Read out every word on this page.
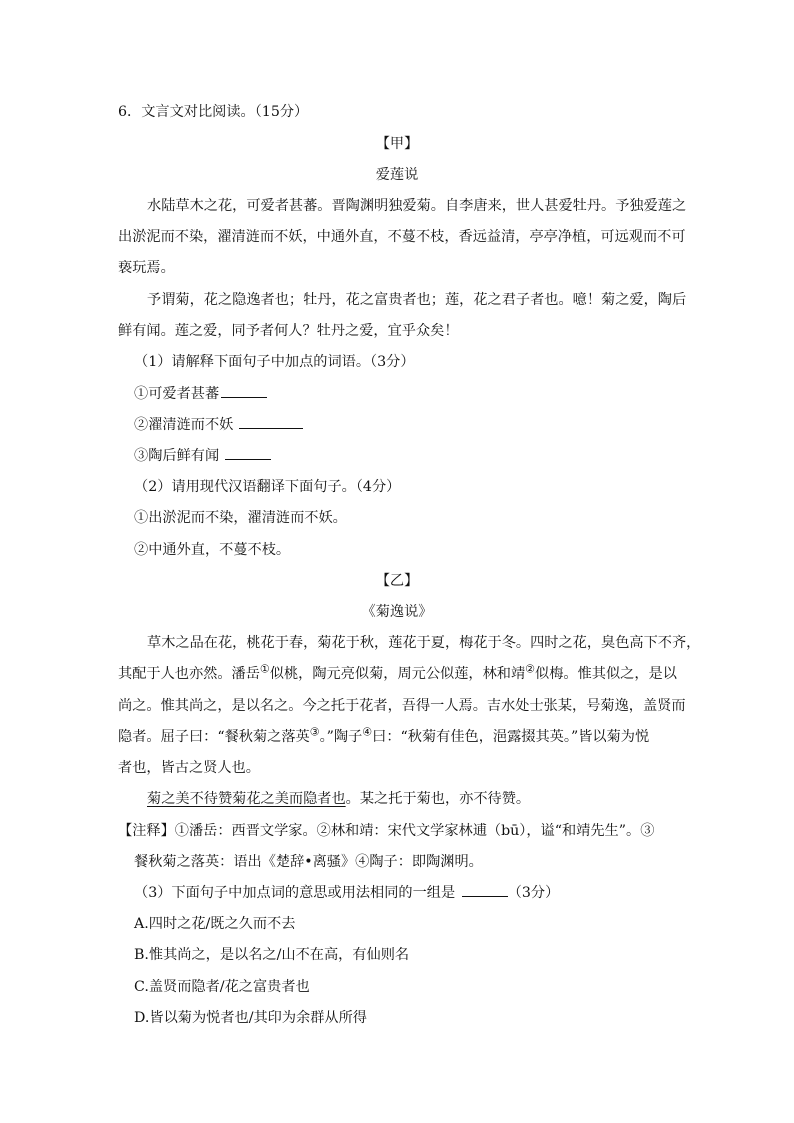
6．文言文对比阅读。（15分）
【甲】
爱莲说
水陆草木之花，可爱者甚蕃。晋陶渊明独爱菊。自李唐来，世人甚爱牡丹。予独爱莲之
出淤泥而不染，濯清涟而不妖，中通外直，不蔓不枝，香远益清，亭亭净植，可远观而不可
亵玩焉。
予谓菊，花之隐逸者也；牡丹，花之富贵者也；莲，花之君子者也。噫！菊之爱，陶后
鲜有闻。莲之爱，同予者何人？牡丹之爱，宜乎众矣！
（1）请解释下面句子中加点的词语。（3分）
①可爱者甚蕃
②濯清涟而不妖
③陶后鲜有闻
（2）请用现代汉语翻译下面句子。（4分）
①出淤泥而不染，濯清涟而不妖。
②中通外直，不蔓不枝。
【乙】
《菊逸说》
草木之品在花，桃花于春，菊花于秋，莲花于夏，梅花于冬。四时之花，臭色高下不齐，
其配于人也亦然。潘岳①似桃，陶元亮似菊，周元公似莲，林和靖②似梅。惟其似之，是以
尚之。惟其尚之，是以名之。今之托于花者，吾得一人焉。吉水处士张某，号菊逸，盖贤而
隐者。屈子曰：“餐秋菊之落英③。”陶子④曰：“秋菊有佳色，浥露掇其英。”皆以菊为悦
者也，皆古之贤人也。
菊之美不待赞菊花之美而隐者也。某之托于菊也，亦不待赞。
【注释】①潘岳：西晋文学家。②林和靖：宋代文学家林逋（bū），谥“和靖先生”。③
餐秋菊之落英：语出《楚辞•离骚》④陶子：即陶渊明。
（3）下面句子中加点词的意思或用法相同的一组是	（3分）
A.四时之花/既之久而不去
B.惟其尚之，是以名之/山不在高，有仙则名
C.盖贤而隐者/花之富贵者也
D.皆以菊为悦者也/其印为余群从所得
